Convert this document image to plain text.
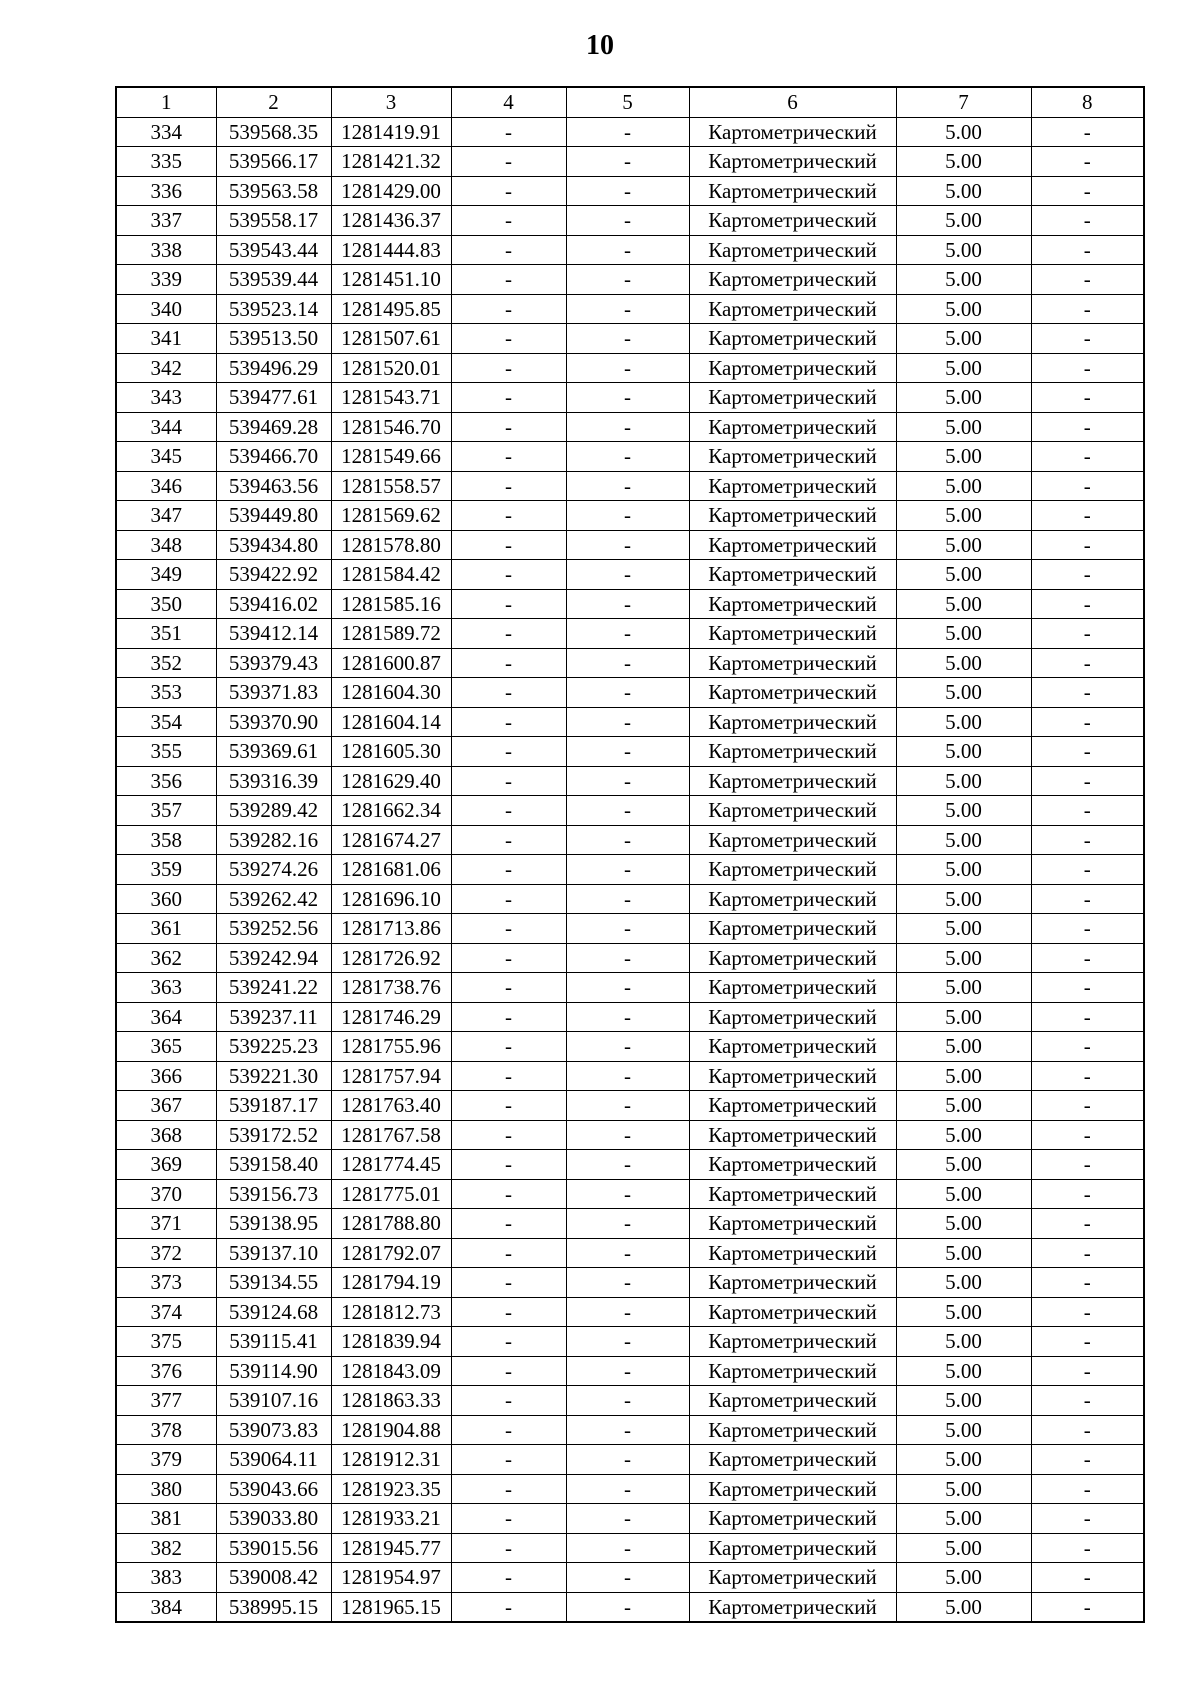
10
1	2	3	4	5	6	7	8
334	539568.35	1281419.91	-	-	Картометрический	5.00	-
335	539566.17	1281421.32	-	-	Картометрический	5.00	-
336	539563.58	1281429.00	-	-	Картометрический	5.00	-
337	539558.17	1281436.37	-	-	Картометрический	5.00	-
338	539543.44	1281444.83	-	-	Картометрический	5.00	-
339	539539.44	1281451.10	-	-	Картометрический	5.00	-
340	539523.14	1281495.85	-	-	Картометрический	5.00	-
341	539513.50	1281507.61	-	-	Картометрический	5.00	-
342	539496.29	1281520.01	-	-	Картометрический	5.00	-
343	539477.61	1281543.71	-	-	Картометрический	5.00	-
344	539469.28	1281546.70	-	-	Картометрический	5.00	-
345	539466.70	1281549.66	-	-	Картометрический	5.00	-
346	539463.56	1281558.57	-	-	Картометрический	5.00	-
347	539449.80	1281569.62	-	-	Картометрический	5.00	-
348	539434.80	1281578.80	-	-	Картометрический	5.00	-
349	539422.92	1281584.42	-	-	Картометрический	5.00	-
350	539416.02	1281585.16	-	-	Картометрический	5.00	-
351	539412.14	1281589.72	-	-	Картометрический	5.00	-
352	539379.43	1281600.87	-	-	Картометрический	5.00	-
353	539371.83	1281604.30	-	-	Картометрический	5.00	-
354	539370.90	1281604.14	-	-	Картометрический	5.00	-
355	539369.61	1281605.30	-	-	Картометрический	5.00	-
356	539316.39	1281629.40	-	-	Картометрический	5.00	-
357	539289.42	1281662.34	-	-	Картометрический	5.00	-
358	539282.16	1281674.27	-	-	Картометрический	5.00	-
359	539274.26	1281681.06	-	-	Картометрический	5.00	-
360	539262.42	1281696.10	-	-	Картометрический	5.00	-
361	539252.56	1281713.86	-	-	Картометрический	5.00	-
362	539242.94	1281726.92	-	-	Картометрический	5.00	-
363	539241.22	1281738.76	-	-	Картометрический	5.00	-
364	539237.11	1281746.29	-	-	Картометрический	5.00	-
365	539225.23	1281755.96	-	-	Картометрический	5.00	-
366	539221.30	1281757.94	-	-	Картометрический	5.00	-
367	539187.17	1281763.40	-	-	Картометрический	5.00	-
368	539172.52	1281767.58	-	-	Картометрический	5.00	-
369	539158.40	1281774.45	-	-	Картометрический	5.00	-
370	539156.73	1281775.01	-	-	Картометрический	5.00	-
371	539138.95	1281788.80	-	-	Картометрический	5.00	-
372	539137.10	1281792.07	-	-	Картометрический	5.00	-
373	539134.55	1281794.19	-	-	Картометрический	5.00	-
374	539124.68	1281812.73	-	-	Картометрический	5.00	-
375	539115.41	1281839.94	-	-	Картометрический	5.00	-
376	539114.90	1281843.09	-	-	Картометрический	5.00	-
377	539107.16	1281863.33	-	-	Картометрический	5.00	-
378	539073.83	1281904.88	-	-	Картометрический	5.00	-
379	539064.11	1281912.31	-	-	Картометрический	5.00	-
380	539043.66	1281923.35	-	-	Картометрический	5.00	-
381	539033.80	1281933.21	-	-	Картометрический	5.00	-
382	539015.56	1281945.77	-	-	Картометрический	5.00	-
383	539008.42	1281954.97	-	-	Картометрический	5.00	-
384	538995.15	1281965.15	-	-	Картометрический	5.00	-
